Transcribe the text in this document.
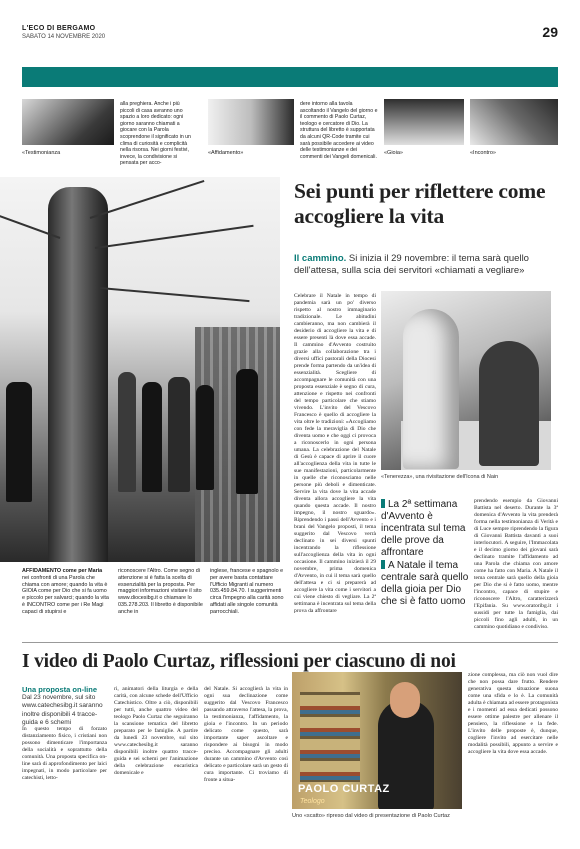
L'ECO DI BERGAMO
SABATO 14 NOVEMBRE 2020	29
«Testimonianza
alla preghiera. Anche i più piccoli di casa avranno uno spazio a loro dedicato: ogni giorno saranno chiamati a giocare con la Parola scoprendone il significato in un clima di curiosità e complicità nella risorsa. Nei giorni festivi, invece, la condivisione si pensata per acco-
«Affidamento»
dere intorno alla tavola ascoltando il Vangelo del giorno e il commento di Paolo Curtaz, teologo e cercatore di Dio. La struttura del libretto è supportata da alcuni QR-Code tramite cui sarà possibile accedere ai video delle testimonianze e dei commenti dei Vangeli domenicali.
«Gioia»	«Incontro»
Sei punti per riflettere come accogliere la vita
Il cammino. Si inizia il 29 novembre: il tema sarà quello dell'attesa, sulla scia dei servitori «chiamati a vegliare»
Celebrare il Natale in tempo di pandemia sarà un po' diverso rispetto al nostro immaginario tradizionale. Le abitudini cambieranno, ma non cambierà il desiderio di accogliere la vita e di essere presenti là dove essa accade. Il cammino d'Avvento costruito grazie alla collaborazione tra i diversi uffici pastorali della Diocesi prende forma partendo da un'idea di essenzialità. Scegliere di accompagnare le comunità con una proposta essenziale è segno di cura, attenzione e rispetto nei confronti del tempo particolare che stiamo vivendo. L'invito del Vescovo Francesco è quello di accogliere la vita oltre le tradizioni: «Accogliamo con fede la meraviglia di Dio che diventa uomo e che oggi ci provoca a riconoscerlo in ogni persona umana. La celebrazione del Natale di Gesù è capace di aprire il cuore all'accoglienza della vita in tutte le sue manifestazioni, particolarmente in quelle che riconosciamo nelle persone più deboli e dimenticate. Servire la vita dove la vita accade diventa allora accogliere la vita quando questa accade. Il nostro impegno, il nostro sguardo». Riprendendo i passi dell'Avvento e i brani del Vangelo proposti, il tema suggerito dal Vescovo verrà declinato in sei diversi spunti incentrando la riflessione sull'accoglienza della vita in ogni occasione. Il cammino inizierà il 29 novembre, prima domenica d'Avvento, in cui il tema sarà quello dell'attesa e ci si preparerà ad accogliere la vita come i servitori a cui viene chiesto di vegliare. La 2ª settimana è incentrata sul tema della prova da affrontare
«Tenerezza», una rivisitazione dell'Icona di Nain
La 2ª settimana d'Avvento è incentrata sul tema delle prove da affrontare
A Natale il tema centrale sarà quello della gioia per Dio che si è fatto uomo
prendendo esempio da Giovanni Battista nel deserto. Durante la 3ª domenica d'Avvento la vita prenderà forma nella testimonianza di Verità e di Luce sempre riprendendo la figura di Giovanni Battista davanti a suoi interlocutori. A seguire, l'Immacolata e il decimo giorno dei giovani sarà declinato tramite l'affidamento ad una Parola che chiama con amore come ha fatto con Maria. A Natale il tema centrale sarà quello della gioia per Dio che si è fatto uomo, mentre l'incontro, capace di stupire e riconoscere l'Altro, caratterizzerà l'Epifania. Su www.oratoribg.it i sussidi per tutte la famiglia, dai piccoli fino agli adulti, in un cammino quotidiano e condiviso.
AFFIDAMENTO come per Maria nei confronti di una Parola che chiama con amore; quando la vita è GIOIA come per Dio che si fa uomo e piccolo per salvarci; quando la vita è INCONTRO come per i Re Magi capaci di stupirsi e
riconoscere l'Altro. Come segno di attenzione si è fatta la scelta di essenzialità per la proposta. Per maggiori informazioni visitare il sito www.diocesibg.it o chiamare lo 035.278.203. Il libretto è disponibile anche in
inglese, francese e spagnolo e per avere basta contattare l'Ufficio Migranti al numero 035.459.84.70. I suggerimenti circa l'impegno alla carità sono affidati alle singole comunità parrocchiali.
I video di Paolo Curtaz, riflessioni per ciascuno di noi
Una proposta on-line
Dal 23 novembre, sul sito www.catechesibg.it saranno inoltre disponibili 4 tracce-guida e 6 schemi
In questo tempo di forzato distanziamento fisico, i cristiani non possono dimenticare l'importanza della socialità e soprattutto della comunità. Una proposta specifica on-line sarà di approfondimento per laici impegnati, in modo particolare per catechisti, letto-
ri, animatori della liturgia e della carità, con alcune schede dell'Ufficio Catechistico. Oltre a ciò, disponibili per tutti, anche quattro video del teologo Paolo Curtaz che seguiranno la scansione tematica del libretto preparato per le famiglie. A partire da lunedì 23 novembre, sul sito www.catechesibg.it saranno disponibili inoltre quattro tracce-guida e sei schemi per l'animazione della celebrazione eucaristica domenicale e
del Natale. Si accoglierà la vita in ogni sua declinazione come suggerito dal Vescovo Francesco passando attraverso l'attesa, la prova, la testimonianza, l'affidamento, la gioia e l'incontro. In un periodo delicato come questo, sarà importante saper ascoltare e rispondere ai bisogni in modo preciso. Accompagnare gli adulti durante un cammino d'Avvento così delicato e particolare sarà un gesto di cura importante. Ci troviamo di fronte a situa-
PAOLO CURTAZ
Teologo
Uno «scatto» ripreso dal video di presentazione di Paolo Curtaz
zione complessa, ma ciò non vuol dire che non possa dare frutto. Rendere generativa questa situazione suona come una sfida e lo è. La comunità adulta è chiamata ad essere protagonista e i momenti ad essa dedicati possono essere ottime palestre per allenare il pensiero, la riflessione e la fede. L'invito delle proposte è, dunque, cogliere l'invito ad esercitare nelle modalità possibili, appunto a servire e accogliere la vita dove essa accade.
